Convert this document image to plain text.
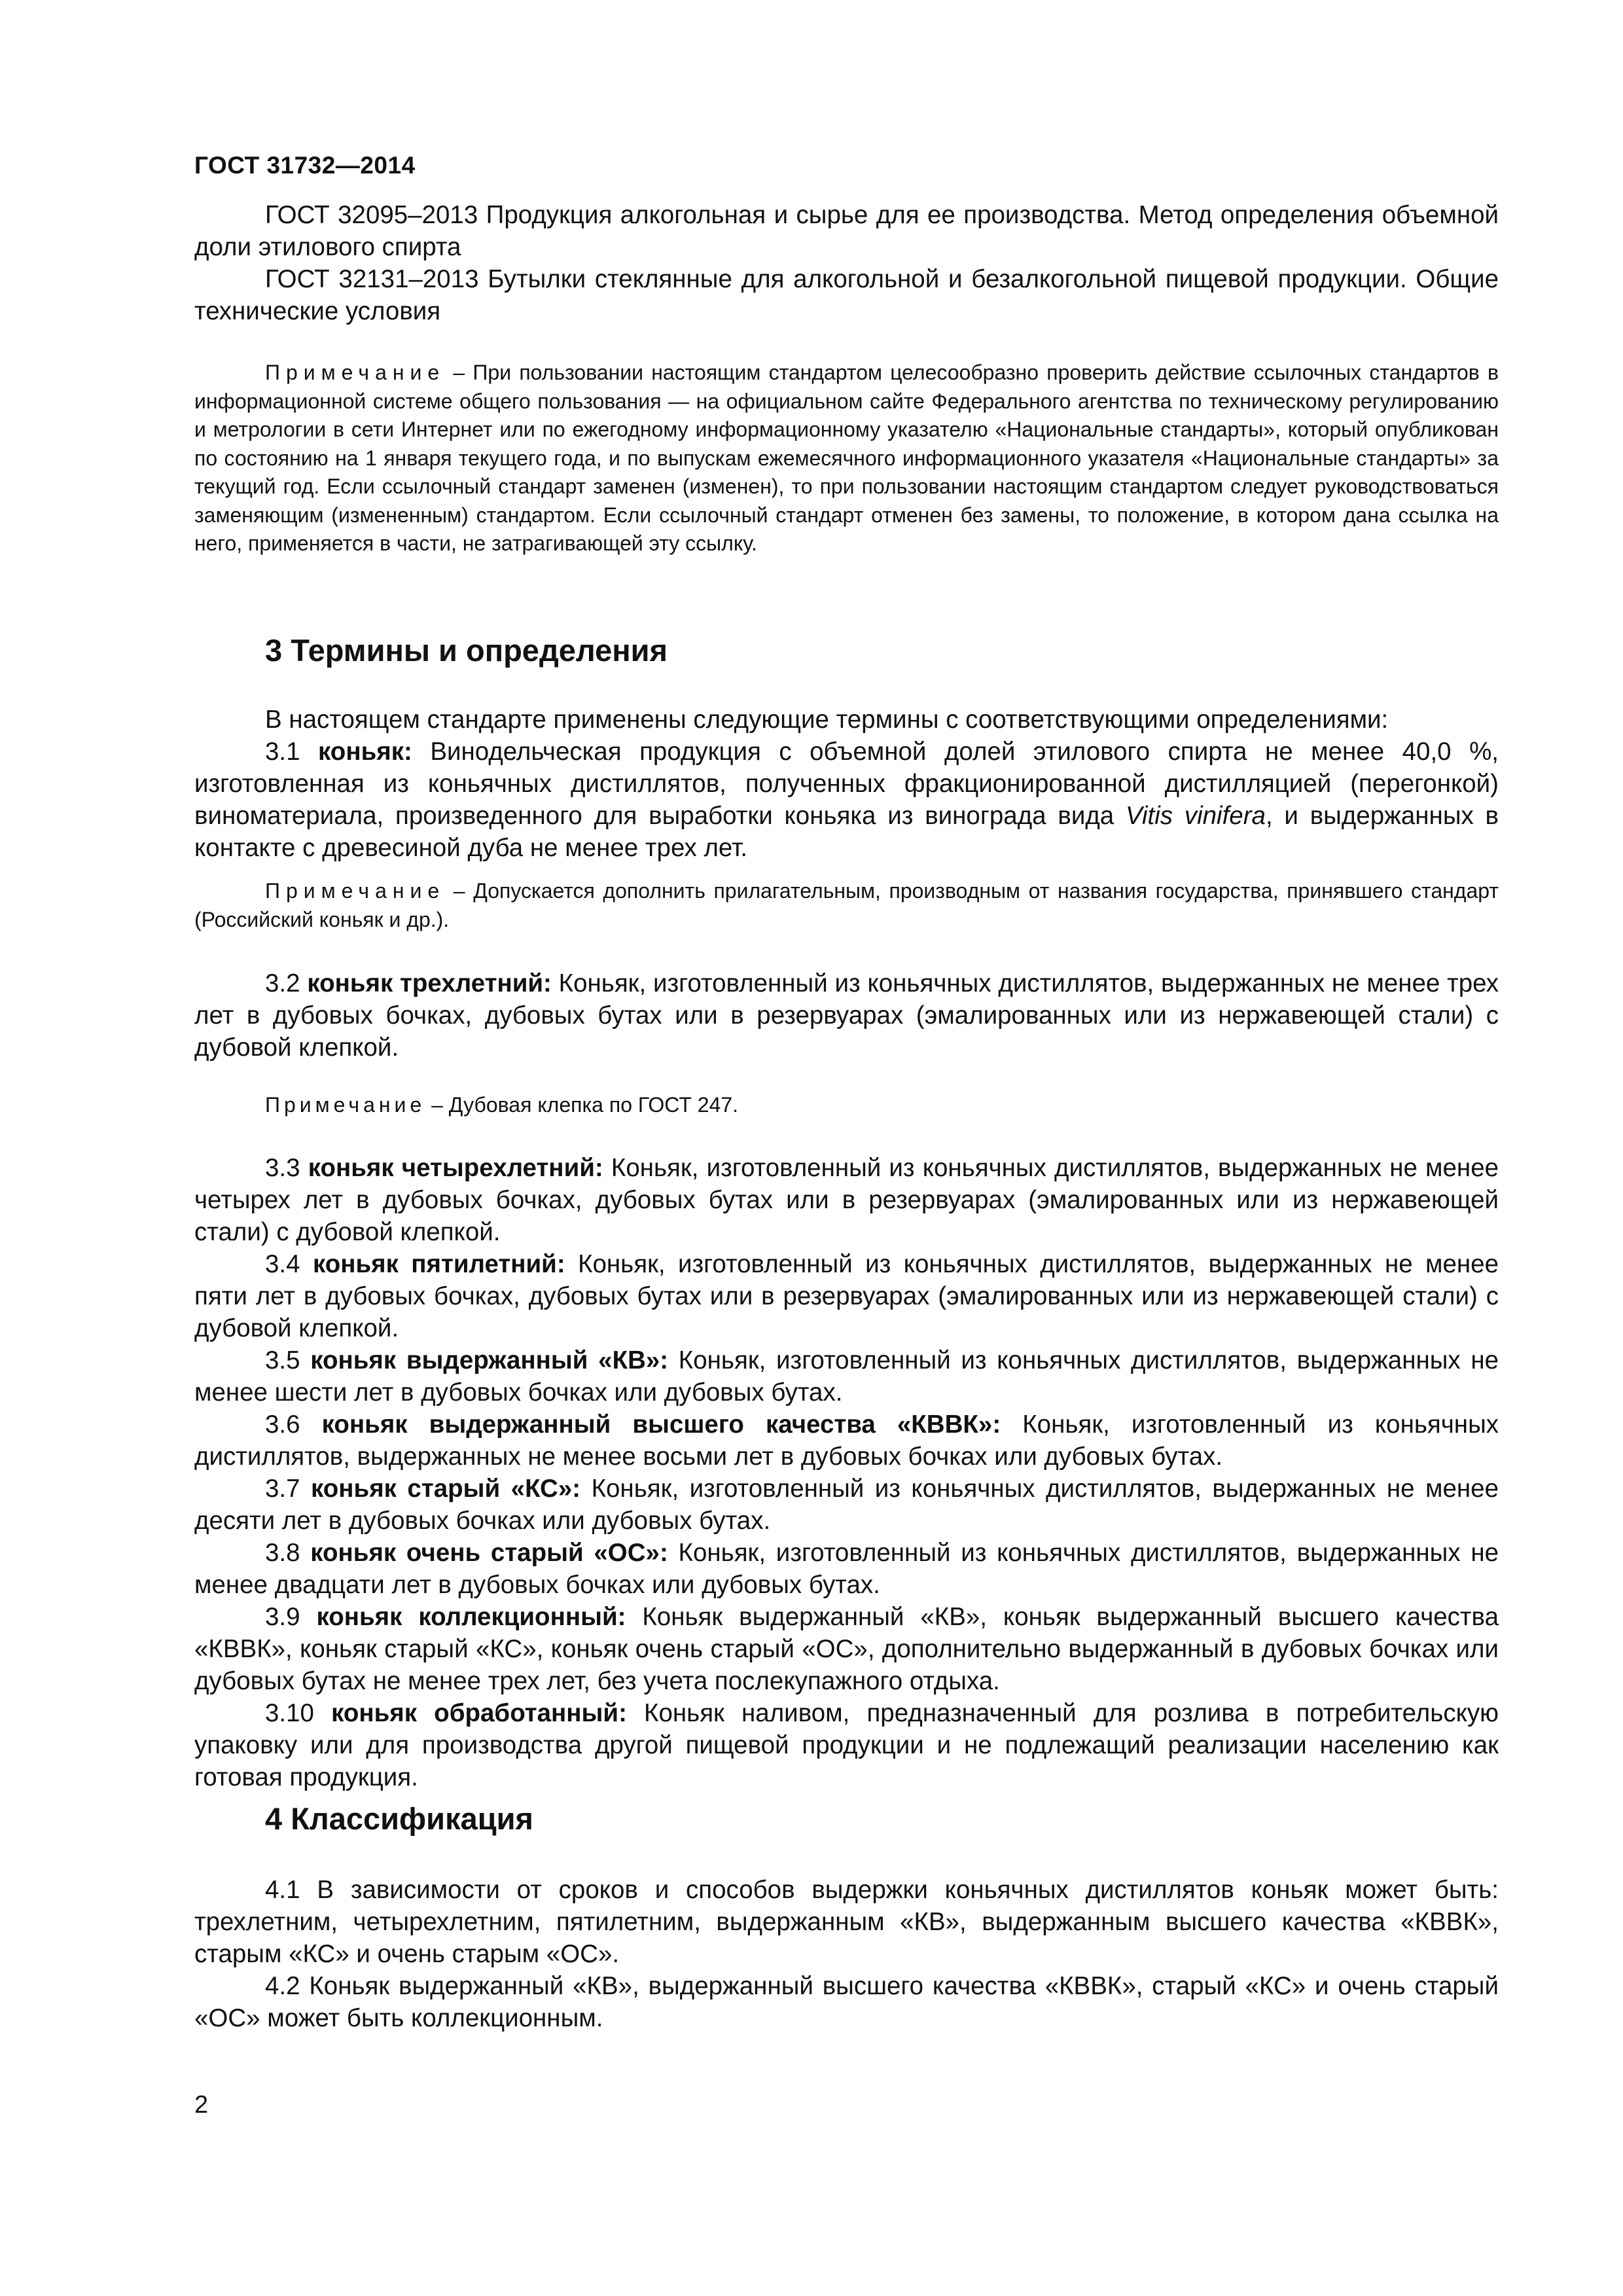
ГОСТ 31732—2014

ГОСТ 32095–2013 Продукция алкогольная и сырье для ее производства. Метод определения объемной доли этилового спирта

ГОСТ 32131–2013 Бутылки стеклянные для алкогольной и безалкогольной пищевой продукции. Общие технические условия

Примечание – При пользовании настоящим стандартом целесообразно проверить действие ссылочных стандартов в информационной системе общего пользования — на официальном сайте Федерального агентства по техническому регулированию и метрологии в сети Интернет или по ежегодному информационному указателю «Национальные стандарты», который опубликован по состоянию на 1 января текущего года, и по выпускам ежемесячного информационного указателя «Национальные стандарты» за текущий год. Если ссылочный стандарт заменен (изменен), то при пользовании настоящим стандартом следует руководствоваться заменяющим (измененным) стандартом. Если ссылочный стандарт отменен без замены, то положение, в котором дана ссылка на него, применяется в части, не затрагивающей эту ссылку.

3 Термины и определения

В настоящем стандарте применены следующие термины с соответствующими определениями:

3.1 коньяк: Винодельческая продукция с объемной долей этилового спирта не менее 40,0 %, изготовленная из коньячных дистиллятов, полученных фракционированной дистилляцией (перегонкой) виноматериала, произведенного для выработки коньяка из винограда вида Vitis vinifera, и выдержанных в контакте с древесиной дуба не менее трех лет.

Примечание – Допускается дополнить прилагательным, производным от названия государства, принявшего стандарт (Российский коньяк и др.).

3.2 коньяк трехлетний: Коньяк, изготовленный из коньячных дистиллятов, выдержанных не менее трех лет в дубовых бочках, дубовых бутах или в резервуарах (эмалированных или из нержавеющей стали) с дубовой клепкой.

Примечание – Дубовая клепка по ГОСТ 247.

3.3 коньяк четырехлетний: Коньяк, изготовленный из коньячных дистиллятов, выдержанных не менее четырех лет в дубовых бочках, дубовых бутах или в резервуарах (эмалированных или из нержавеющей стали) с дубовой клепкой.

3.4 коньяк пятилетний: Коньяк, изготовленный из коньячных дистиллятов, выдержанных не менее пяти лет в дубовых бочках, дубовых бутах или в резервуарах (эмалированных или из нержавеющей стали) с дубовой клепкой.

3.5 коньяк выдержанный «КВ»: Коньяк, изготовленный из коньячных дистиллятов, выдержанных не менее шести лет в дубовых бочках или дубовых бутах.

3.6 коньяк выдержанный высшего качества «КВВК»: Коньяк, изготовленный из коньячных дистиллятов, выдержанных не менее восьми лет в дубовых бочках или дубовых бутах.

3.7 коньяк старый «КС»: Коньяк, изготовленный из коньячных дистиллятов, выдержанных не менее десяти лет в дубовых бочках или дубовых бутах.

3.8 коньяк очень старый «ОС»: Коньяк, изготовленный из коньячных дистиллятов, выдержанных не менее двадцати лет в дубовых бочках или дубовых бутах.

3.9 коньяк коллекционный: Коньяк выдержанный «КВ», коньяк выдержанный высшего качества «КВВК», коньяк старый «КС», коньяк очень старый «ОС», дополнительно выдержанный в дубовых бочках или дубовых бутах не менее трех лет, без учета послекупажного отдыха.

3.10 коньяк обработанный: Коньяк наливом, предназначенный для розлива в потребительскую упаковку или для производства другой пищевой продукции и не подлежащий реализации населению как готовая продукция.

4 Классификация

4.1 В зависимости от сроков и способов выдержки коньячных дистиллятов коньяк может быть: трехлетним, четырехлетним, пятилетним, выдержанным «КВ», выдержанным высшего качества «КВВК», старым «КС» и очень старым «ОС».

4.2 Коньяк выдержанный «КВ», выдержанный высшего качества «КВВК», старый «КС» и очень старый «ОС» может быть коллекционным.

2
